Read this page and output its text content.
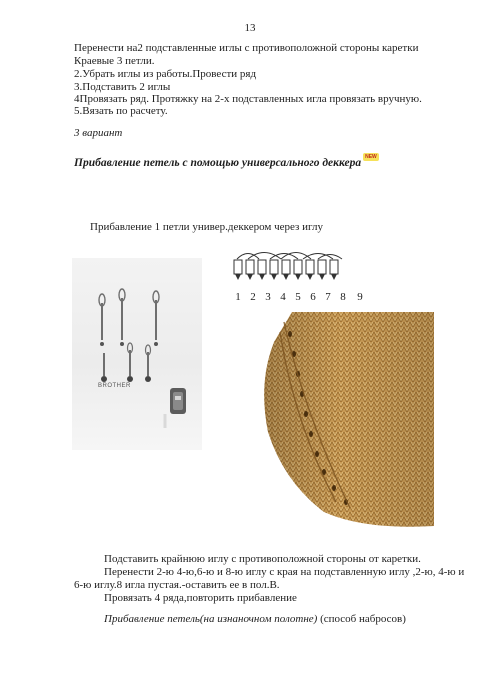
13
Перенести на2 подставленные иглы с противоположной стороны каретки
Краевые 3 петли.
2.Убрать иглы из работы.Провести ряд
3.Подставить 2 иглы
4Провязать ряд. Протяжку на 2-х подставленных игла провязать вручную.
5.Вязать по расчету.
3 вариант
Прибавление петель с помощью универсального деккера NEW
Прибавление 1 петли универ.деккером через иглу
BROTHER
1 2 3 4 5 6 7 8 9
Подставить крайнюю иглу с противоположной стороны от каретки.
Перенести 2-ю 4-ю,6-ю и 8-ю иглу с края на подставленную иглу ,2-ю, 4-ю и
6-ю иглу.8 игла пустая.-оставить ее в пол.В.
Провязать 4 ряда,повторить прибавление
Прибавление петель(на изнаночном полотне) (способ набросов)
